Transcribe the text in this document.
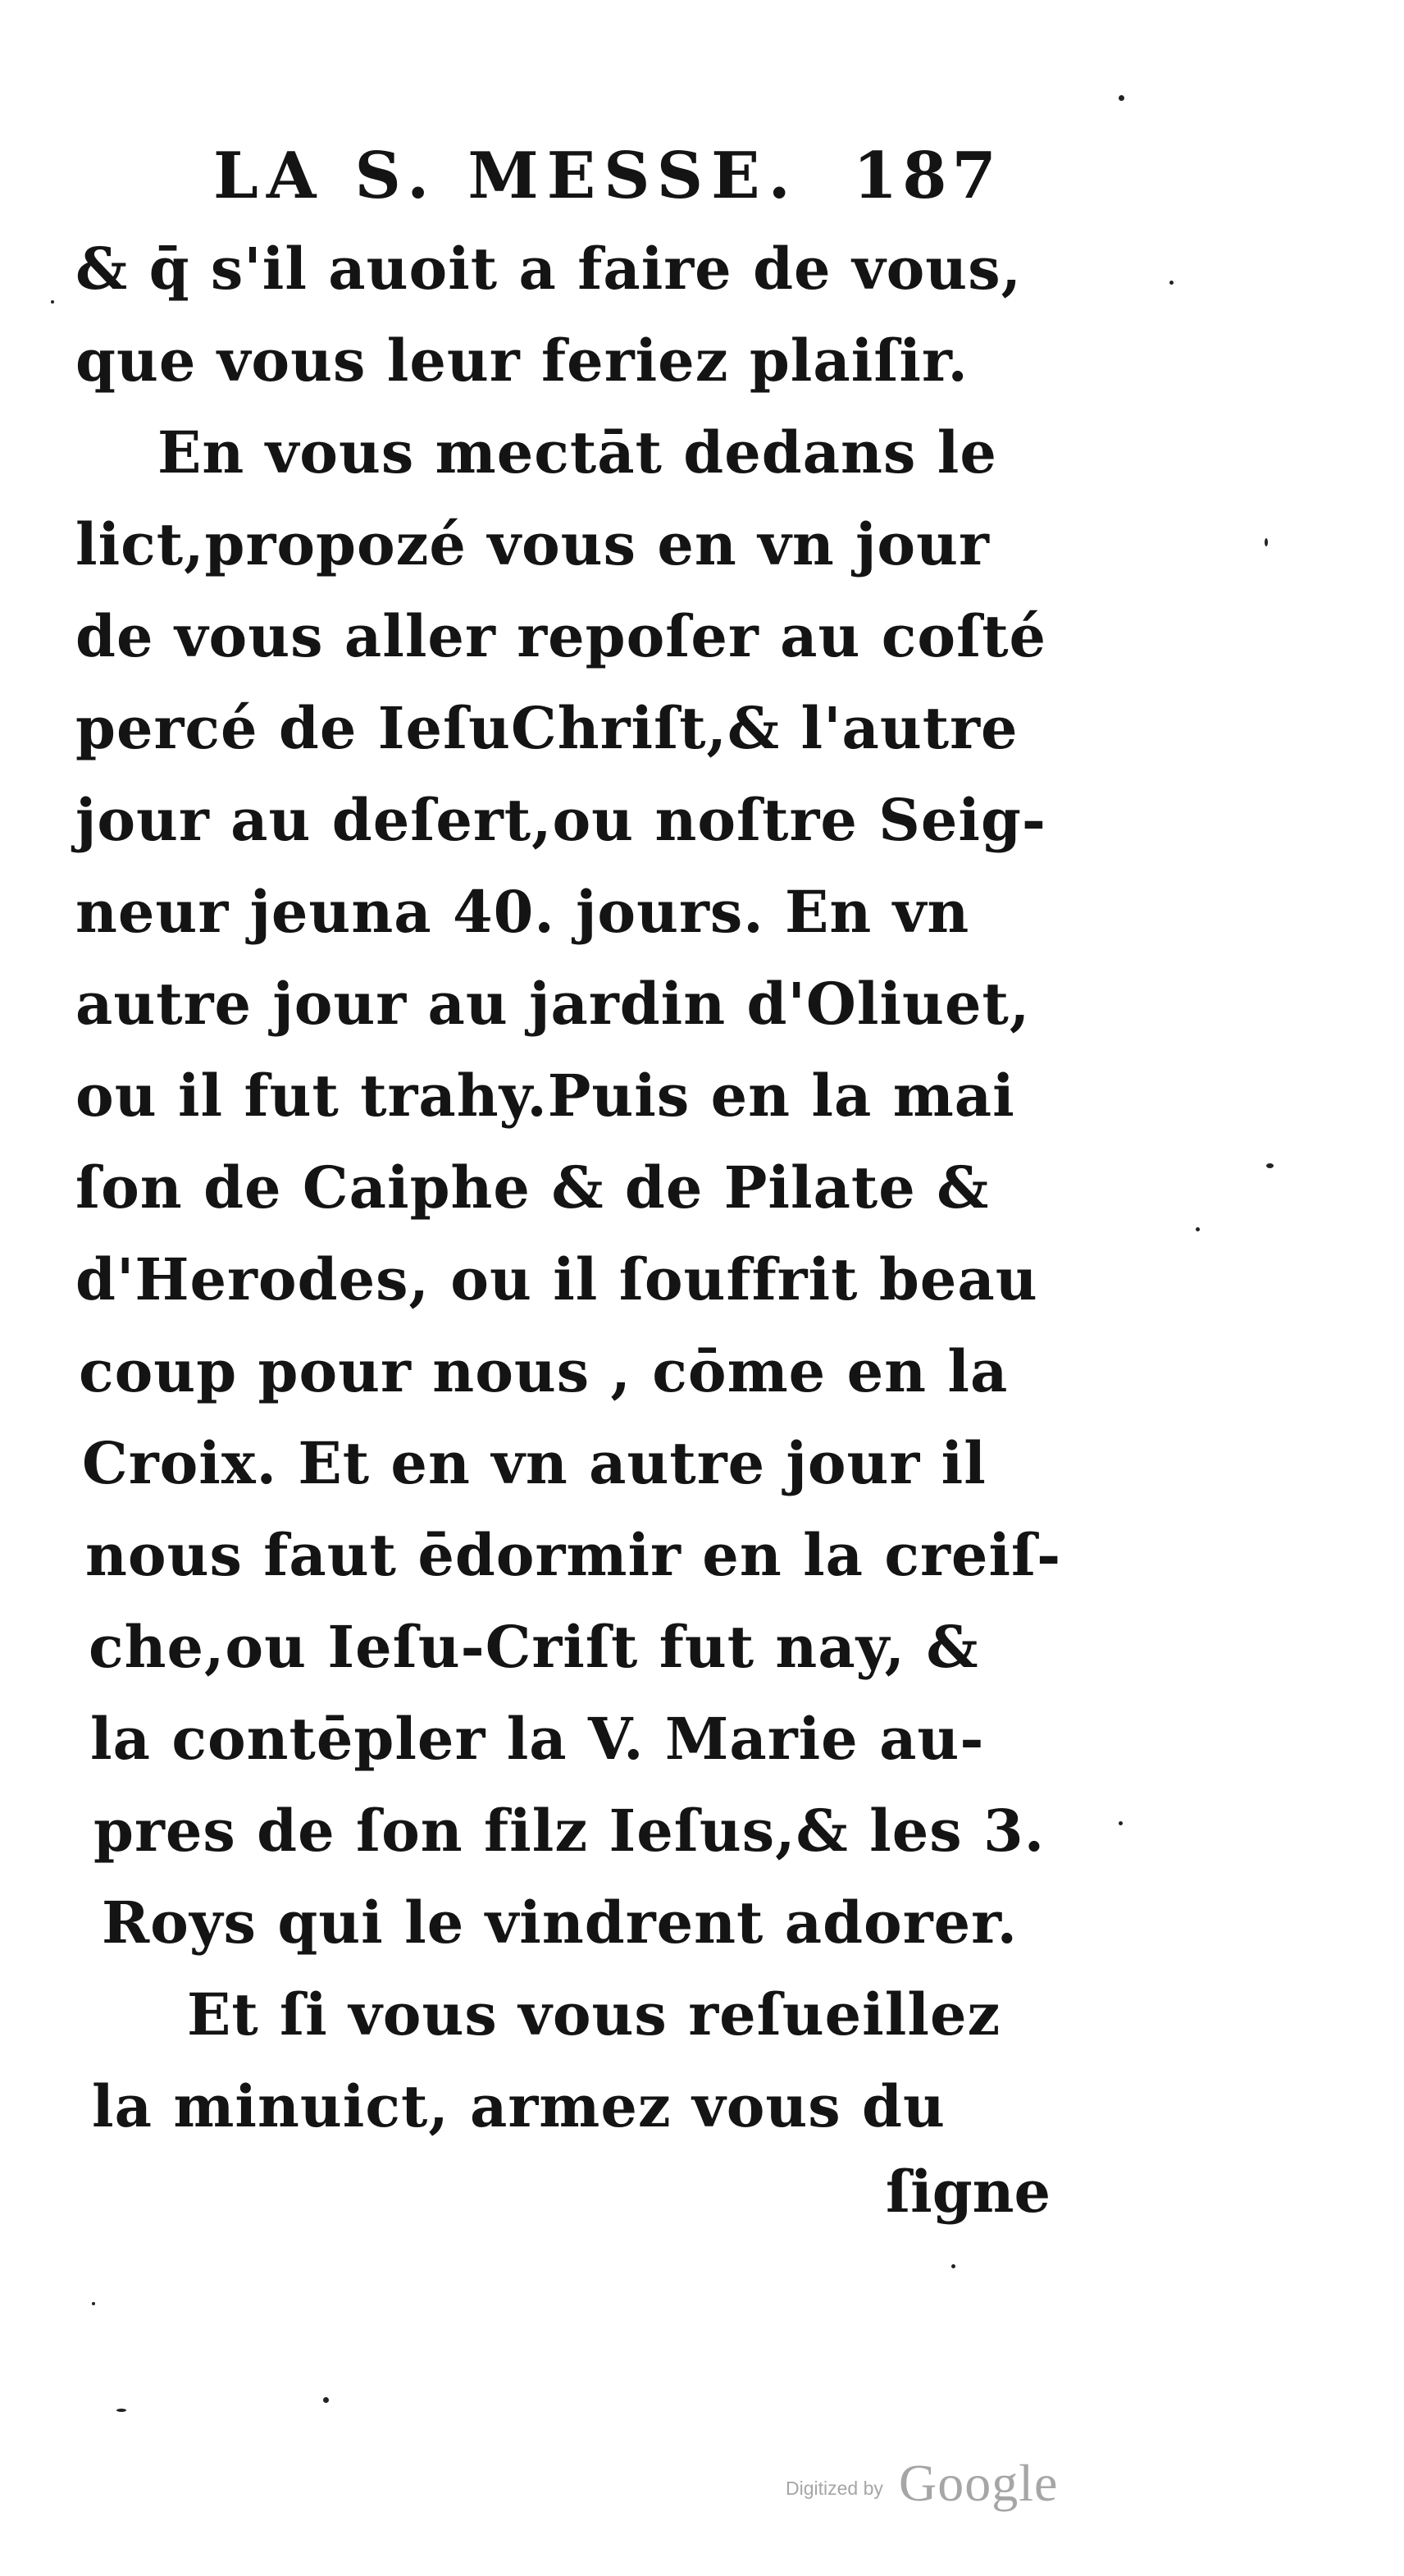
LA S. MESSE. 187
& q̄ s'il auoit a faire de vous,
que vous leur feriez plaiſir.
En vous mectāt dedans le
lict,propozé vous en vn jour
de vous aller repoſer au coſté
percé de IeſuChriſt,& l'autre
jour au deſert,ou noſtre Seig-
neur jeuna 40. jours. En vn
autre jour au jardin d'Oliuet,
ou il fut trahy.Puis en la mai
ſon de Caiphe & de Pilate &
d'Herodes, ou il ſouffrit beau
coup pour nous , cōme en la
Croix. Et en vn autre jour il
nous faut ēdormir en la creiſ-
che,ou Ieſu-Criſt fut nay, &
la contēpler la V. Marie au-
pres de ſon filz Ieſus,& les 3.
Roys qui le vindrent adorer.
Et ſi vous vous reſueillez
la minuict, armez vous du
ſigne
Digitized by Google
